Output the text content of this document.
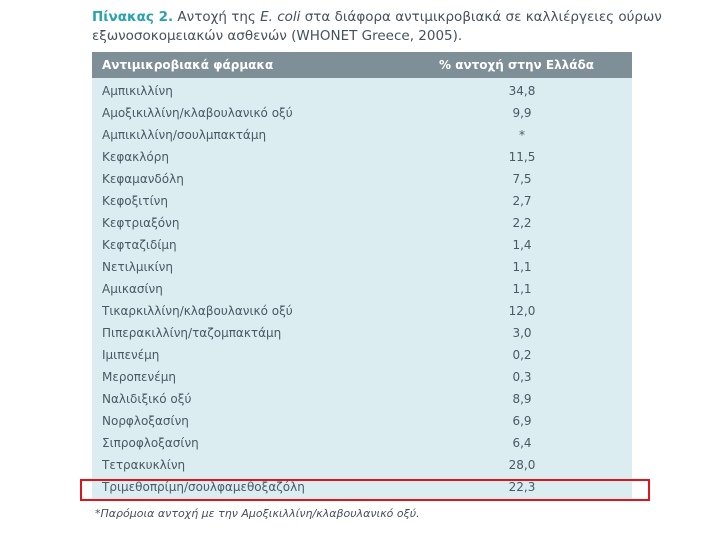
Πίνακας 2. Αντοχή της E. coli στα διάφορα αντιμικροβιακά σε καλλιέργειες ούρων εξωνοσοκομειακών ασθενών (WHONET Greece, 2005).
Αντιμικροβιακά φάρμακα	% αντοχή στην Ελλάδα
Αμπικιλλίνη	34,8
Αμοξικιλλίνη/κλαβουλανικό οξύ	9,9
Αμπικιλλίνη/σουλμπακτάμη	*
Κεφακλόρη	11,5
Κεφαμανδόλη	7,5
Κεφοξιτίνη	2,7
Κεφτριαξόνη	2,2
Κεφταζιδίμη	1,4
Νετιλμικίνη	1,1
Αμικασίνη	1,1
Τικαρκιλλίνη/κλαβουλανικό οξύ	12,0
Πιπερακιλλίνη/ταζομπακτάμη	3,0
Ιμιπενέμη	0,2
Μεροπενέμη	0,3
Ναλιδιξικό οξύ	8,9
Νορφλοξασίνη	6,9
Σιπροφλοξασίνη	6,4
Τετρακυκλίνη	28,0
Τριμεθοπρίμη/σουλφαμεθοξαζόλη	22,3
*Παρόμοια αντοχή με την Αμοξικιλλίνη/κλαβουλανικό οξύ.
